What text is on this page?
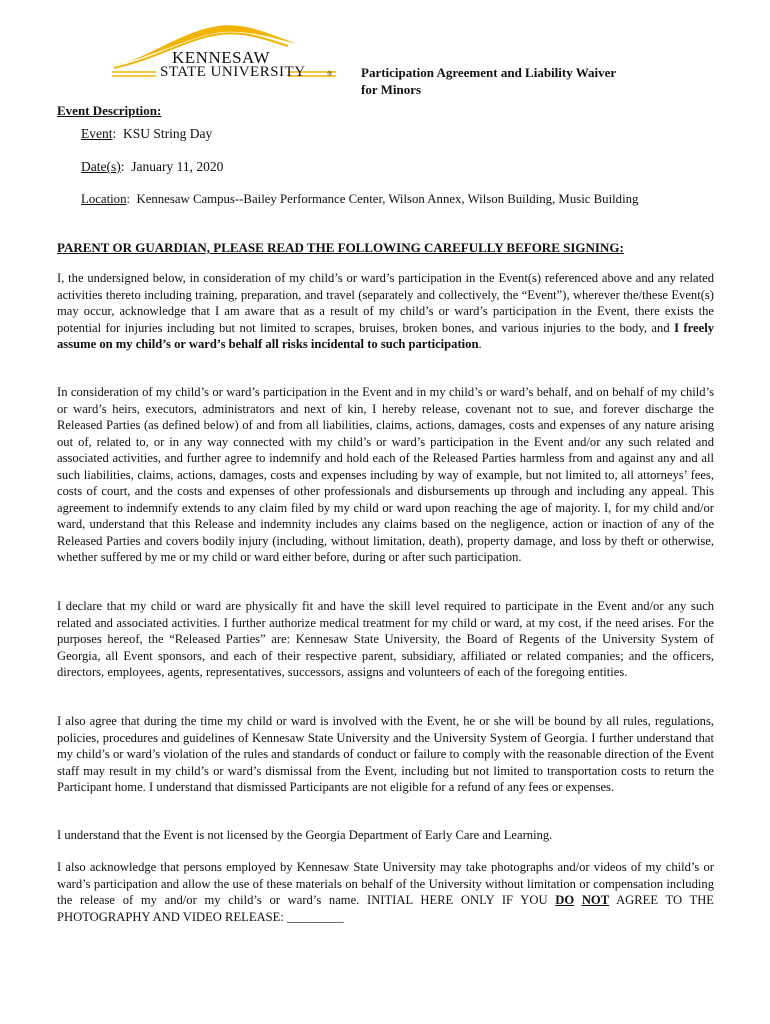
KENNESAW
STATE UNIVERSITY	® Participation Agreement and Liability Waiver
for Minors
Event Description:
Event:  KSU String Day
Date(s):  January 11, 2020
Location:  Kennesaw Campus--Bailey Performance Center, Wilson Annex, Wilson Building, Music Building
PARENT OR GUARDIAN, PLEASE READ THE FOLLOWING CAREFULLY BEFORE SIGNING:
I, the undersigned below, in consideration of my child’s or ward’s participation in the Event(s) referenced above and any related activities thereto including training, preparation, and travel (separately and collectively, the “Event”), wherever the/these Event(s) may occur, acknowledge that I am aware that as a result of my child’s or ward’s participation in the Event, there exists the potential for injuries including but not limited to scrapes, bruises, broken bones, and various injuries to the body, and I freely assume on my child’s or ward’s behalf all risks incidental to such participation.
In consideration of my child’s or ward’s participation in the Event and in my child’s or ward’s behalf, and on behalf of my child’s or ward’s heirs, executors, administrators and next of kin, I hereby release, covenant not to sue, and forever discharge the Released Parties (as defined below) of and from all liabilities, claims, actions, damages, costs and expenses of any nature arising out of, related to, or in any way connected with my child’s or ward’s participation in the Event and/or any such related and associated activities, and further agree to indemnify and hold each of the Released Parties harmless from and against any and all such liabilities, claims, actions, damages, costs and expenses including by way of example, but not limited to, all attorneys’ fees, costs of court, and the costs and expenses of other professionals and disbursements up through and including any appeal. This agreement to indemnify extends to any claim filed by my child or ward upon reaching the age of majority. I, for my child and/or ward, understand that this Release and indemnity includes any claims based on the negligence, action or inaction of any of the Released Parties and covers bodily injury (including, without limitation, death), property damage, and loss by theft or otherwise, whether suffered by me or my child or ward either before, during or after such participation.
I declare that my child or ward are physically fit and have the skill level required to participate in the Event and/or any such related and associated activities. I further authorize medical treatment for my child or ward, at my cost, if the need arises. For the purposes hereof, the “Released Parties” are: Kennesaw State University, the Board of Regents of the University System of Georgia, all Event sponsors, and each of their respective parent, subsidiary, affiliated or related companies; and the officers, directors, employees, agents, representatives, successors, assigns and volunteers of each of the foregoing entities.
I also agree that during the time my child or ward is involved with the Event, he or she will be bound by all rules, regulations, policies, procedures and guidelines of Kennesaw State University and the University System of Georgia. I further understand that my child’s or ward’s violation of the rules and standards of conduct or failure to comply with the reasonable direction of the Event staff may result in my child’s or ward’s dismissal from the Event, including but not limited to transportation costs to return the Participant home. I understand that dismissed Participants are not eligible for a refund of any fees or expenses.
I understand that the Event is not licensed by the Georgia Department of Early Care and Learning.
I also acknowledge that persons employed by Kennesaw State University may take photographs and/or videos of my child’s or ward’s participation and allow the use of these materials on behalf of the University without limitation or compensation including the release of my and/or my child’s or ward’s name. INITIAL HERE ONLY IF YOU DO NOT AGREE TO THE PHOTOGRAPHY AND VIDEO RELEASE: _________
